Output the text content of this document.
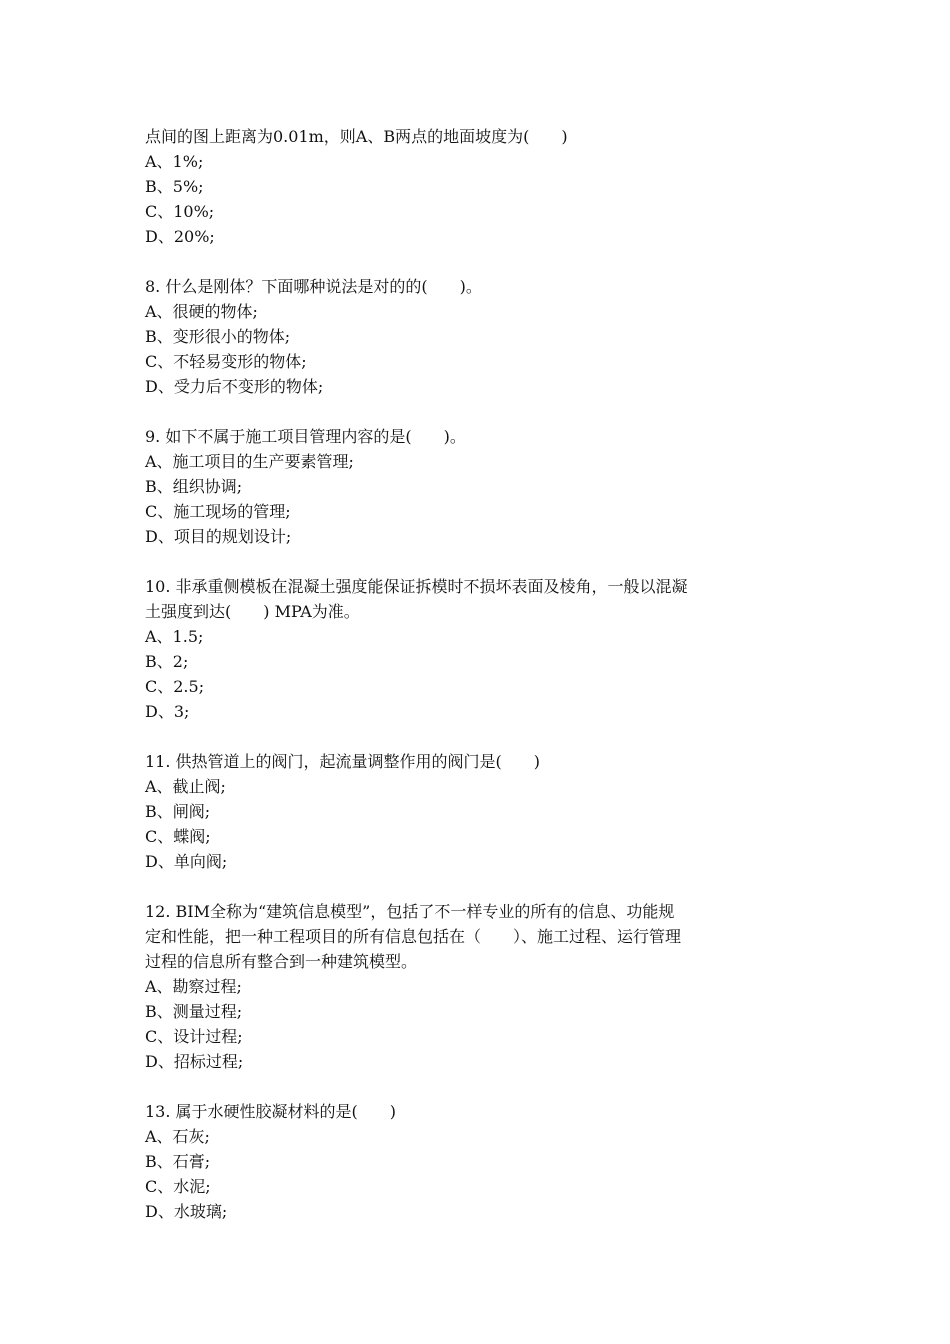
点间的图上距离为0.01m，则A、B两点的地面坡度为(　　)
A、1%;
B、5%;
C、10%;
D、20%;
8. 什么是刚体？下面哪种说法是对的的(　　)。
A、很硬的物体;
B、变形很小的物体;
C、不轻易变形的物体;
D、受力后不变形的物体;
9. 如下不属于施工项目管理内容的是(　　)。
A、施工项目的生产要素管理;
B、组织协调;
C、施工现场的管理;
D、项目的规划设计;
10. 非承重侧模板在混凝土强度能保证拆模时不损坏表面及棱角，一般以混凝
土强度到达(　　) MPA为准。
A、1.5;
B、2;
C、2.5;
D、3;
11. 供热管道上的阀门，起流量调整作用的阀门是(　　)
A、截止阀;
B、闸阀;
C、蝶阀;
D、单向阀;
12. BIM全称为“建筑信息模型”，包括了不一样专业的所有的信息、功能规
定和性能，把一种工程项目的所有信息包括在（　　）、施工过程、运行管理
过程的信息所有整合到一种建筑模型。
A、勘察过程;
B、测量过程;
C、设计过程;
D、招标过程;
13. 属于水硬性胶凝材料的是(　　)
A、石灰;
B、石膏;
C、水泥;
D、水玻璃;
